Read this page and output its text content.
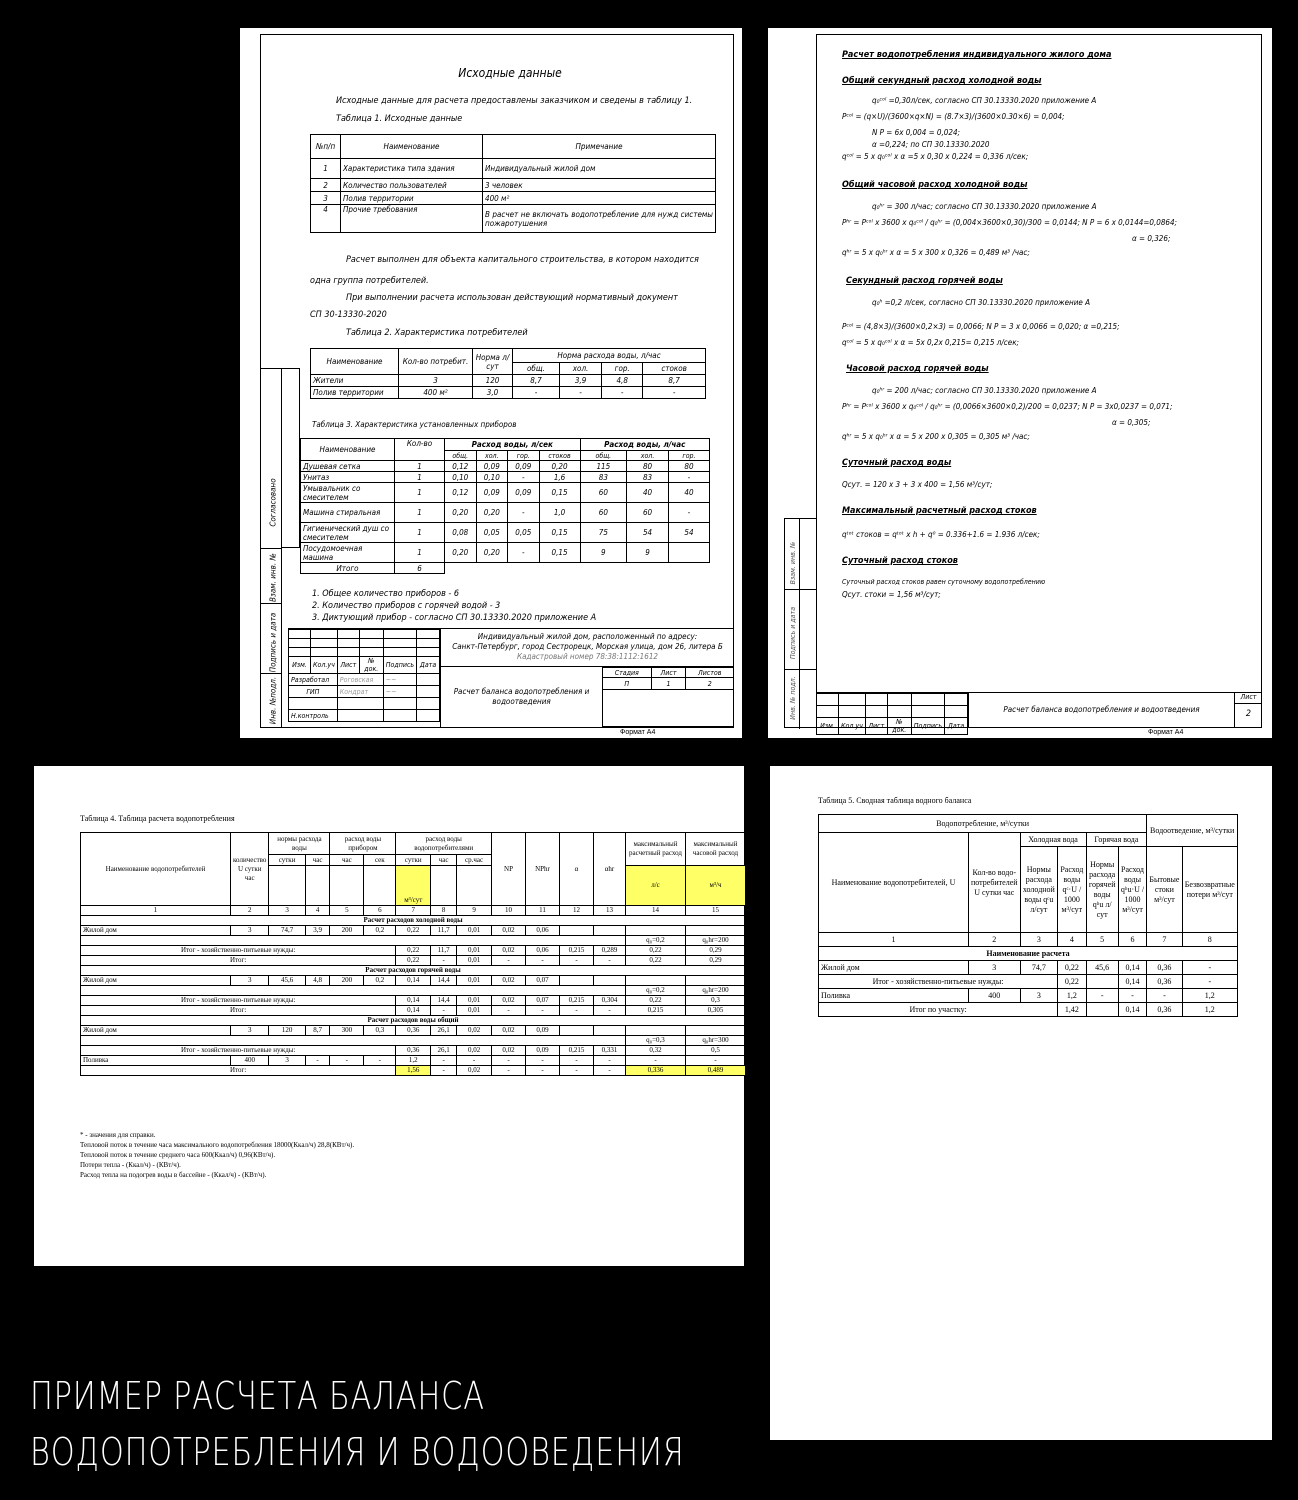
Согласовано
Взам. инв. №
Подпись и дата
Инв. №подл.
Исходные данные
Исходные данные для расчета предоставлены заказчиком и сведены в таблицу 1.
Таблица 1. Исходные данные
№п/п	Наименование	Примечание
1	Характеристика типа здания	Индивидуальный жилой дом
2	Количество пользователей	3 человек
3	Полив территории	400 м²
4	Прочие требования	В расчет не включать водопотребление для нужд системы пожаротушения
Расчет выполнен для объекта капитального строительства, в котором находится
одна группа потребителей.
При выполнении расчета использован действующий нормативный документ
СП 30-13330-2020
Таблица 2. Характеристика потребителей
Наименование	Кол-во потребит.	Норма л/сут	Норма расхода воды, л/час			
			общ.	хол.	гор.	стоков
Жители	3	120	8,7	3,9	4,8	8,7
Полив территории	400 м²	3,0	-	-	-	-
Таблица 3. Характеристика установленных приборов
Наименование	Кол-во	Расход воды, л/сек				Расход воды, л/час		
		общ.	хол.	гор.	стоков	общ.	хол.	гор.
Душевая сетка	1	0,12	0,09	0,09	0,20	115	80	80
Унитаз	1	0,10	0,10	-	1,6	83	83	-
Умывальник со смесителем	1	0,12	0,09	0,09	0,15	60	40	40
Машина стиральная	1	0,20	0,20	-	1,0	60	60	-
Гигиенический душ со смесителем	1	0,08	0,05	0,05	0,15	75	54	54
Посудомоечная машина	1	0,20	0,20	-	0,15	9	9	
Итого	6							
1. Общее количество приборов - 6
2. Количество приборов с горячей водой - 3
3. Диктующий прибор - согласно СП 30.13330.2020 приложение А

Изм.	Кол.уч	Лист	№ док.	Подпись	Дата
Разработал		Роговская		~~	
ГИП		Кондрат		~~	

Н.контроль					
Индивидуальный жилой дом, расположенный по адресу:
Санкт-Петербург, город Сестрорецк, Морская улица, дом 26, литера Б
Кадастровый номер 78:38:1112:1612
Расчет баланса водопотребления и водоотведения
Стадия	Лист	Листов
П	1	2

Формат А4
Взам. инв. №
Подпись и дата
Инв. № подл.
Расчет водопотребления индивидуального жилого дома
Общий секундный расход холодной воды
q₀ᶜᵒˡ =0,30л/сек, согласно СП 30.13330.2020 приложение А
Pᶜᵒˡ = (q×U)/(3600×q×N) = (8.7×3)/(3600×0.30×6) = 0,004;
N P = 6х 0,004 = 0,024;
α =0,224; по СП 30.13330.2020
qᶜᵒˡ = 5 х q₀ᶜᵒˡ х α =5 х 0,30 х 0,224 = 0,336 л/сек;
Общий часовой расход холодной воды
q₀ʰʳ = 300 л/час; согласно СП 30.13330.2020 приложение А
Pʰʳ = Pᶜᵒˡ х 3600 х q₀ᶜᵒˡ / q₀ʰʳ = (0,004×3600×0,30)/300 = 0,0144; N P = 6 х 0,0144=0,0864;
α = 0,326;
qʰʳ = 5 х q₀ʰʳ х α = 5 х 300 х 0,326 = 0,489 м³ /час;
Секундный расход горячей воды
q₀ʰ =0,2 л/сек, согласно СП 30.13330.2020 приложение А
Pᶜᵒˡ = (4,8×3)/(3600×0,2×3) = 0,0066; N P = 3 х 0,0066 = 0,020; α =0,215;
qᶜᵒˡ = 5 х q₀ᶜᵒˡ х α = 5х 0,2х 0,215= 0,215 л/сек;
Часовой расход горячей воды
q₀ʰʳ = 200 л/час; согласно СП 30.13330.2020 приложение А
Pʰʳ = Pᶜᵒˡ х 3600 х q₀ᶜᵒˡ / q₀ʰʳ = (0,0066×3600×0,2)/200 = 0,0237; N P = 3х0,0237 = 0,071;
α = 0,305;
qʰʳ = 5 х q₀ʰʳ х α = 5 х 200 х 0,305 = 0,305 м³ /час;
Суточный расход воды
Qсут. = 120 х 3 + 3 х 400 = 1,56 м³/сут;
Максимальный расчетный расход стоков
qᵗᵒᵗ стоков = qᵗᵒᵗ x h + q⁰ = 0.336+1.6 = 1.936 л/сек;
Суточный расход стоков
Суточный расход стоков равен суточному водопотреблению
Qсут. стоки = 1,56 м³/сут;

Изм.	Кол.уч	Лист	№ док.	Подпись	Дата
Расчет баланса водопотребления и водоотведения
Лист
2
Формат А4
Таблица 4. Таблица расчета водопотребления
Наименование водопотребителей	количество U сутки час	нормы расхода воды		расход воды прибором		расход воды водопотребителями			NP	NPhr	α	αhr	максимальный расчетный расход	максимальный часовой расход
		сутки	час	час	сек	сутки	час	ср.час						
						м³/сут							л/с	м³/ч
1	2	3	4	5	6	7	8	9	10	11	12	13	14	15
Расчет расходов холодной воды														
Жилой дом	3	74,7	3,9	200	0,2	0,22	11,7	0,01	0,02	0,06				
													q₀=0,2	q₀hr=200
Итог - хозяйственно-питьевые нужды:						0,22	11,7	0,01	0,02	0,06	0,215	0,289	0,22	0,29
Итог:						0,22	-	0,01	-	-	-	-	0,22	0,29
Расчет расходов горячей воды														
Жилой дом	3	45,6	4,8	200	0,2	0,14	14,4	0,01	0,02	0,07				
													q₀=0,2	q₀hr=200
Итог - хозяйственно-питьевые нужды:						0,14	14,4	0,01	0,02	0,07	0,215	0,304	0,22	0,3
Итог:						0,14	-	0,01	-	-	-	-	0,215	0,305
Расчет расходов воды общий														
Жилой дом	3	120	8,7	300	0,3	0,36	26,1	0,02	0,02	0,09				
													q₀=0,3	q₀hr=300
Итог - хозяйственно-питьевые нужды:						0,36	26,1	0,02	0,02	0,09	0,215	0,331	0,32	0,5
Поливка	400	3	-	-	-	1,2	-	-	-	-	-	-	-	-
Итог:						1,56	-	0,02	-	-	-	-	0,336	0,489
* - значения для справки.
Тепловой поток в течение часа максимального водопотребления 18000(Ккал/ч) 28,8(КВт/ч).
Тепловой поток в течение среднего часа 600(Ккал/ч) 0,96(КВт/ч).
Потери тепла - (Ккал/ч) - (КВт/ч).
Расход тепла на подогрев воды в бассейне - (Ккал/ч) - (КВт/ч).
Таблица 5. Сводная таблица водного баланса
Водопотребление, м³/сутки						Водоотведение, м³/сутки	
Наименование водопотребителей, U	Кол-во водо-потребителей U сутки час	Холодная вода		Горячая вода			
		Нормы расхода холодной воды qᶜu л/сут	Расход воды qᶜ·U / 1000 м³/сут	Нормы расхода горячей воды qʰu л/сут	Расход воды qʰu·U / 1000 м³/сут	Бытовые стоки м³/сут	Безвозвратные потери м³/сут
1	2	3	4	5	6	7	8
Наименование расчета							
Жилой дом	3	74,7	0,22	45,6	0,14	0,36	-
Итог - хозяйственно-питьевые нужды:			0,22		0,14	0,36	-
Поливка	400	3	1,2	-	-	-	1,2
Итог по участку:			1,42		0,14	0,36	1,2
ПРИМЕР РАСЧЕТА БАЛАНСА
ВОДОПОТРЕБЛЕНИЯ И ВОДООВЕДЕНИЯ
